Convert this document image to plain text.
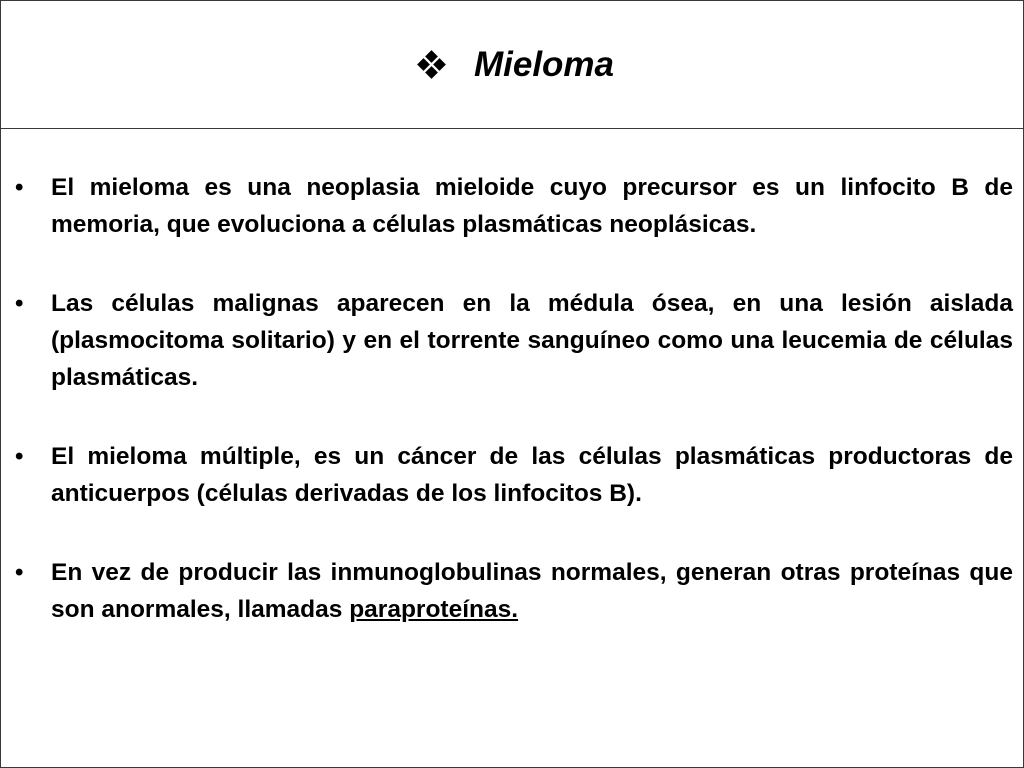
Mieloma
• El mieloma es una neoplasia mieloide cuyo precursor es un linfocito B de memoria, que evoluciona a células plasmáticas neoplásicas.
• Las células malignas aparecen en la médula ósea, en una lesión aislada (plasmocitoma solitario) y en el torrente sanguíneo como una leucemia de células plasmáticas.
• El mieloma múltiple, es un cáncer de las células plasmáticas productoras de anticuerpos (células derivadas de los linfocitos B).
• En vez de producir las inmunoglobulinas normales, generan otras proteínas que son anormales, llamadas paraproteínas.
